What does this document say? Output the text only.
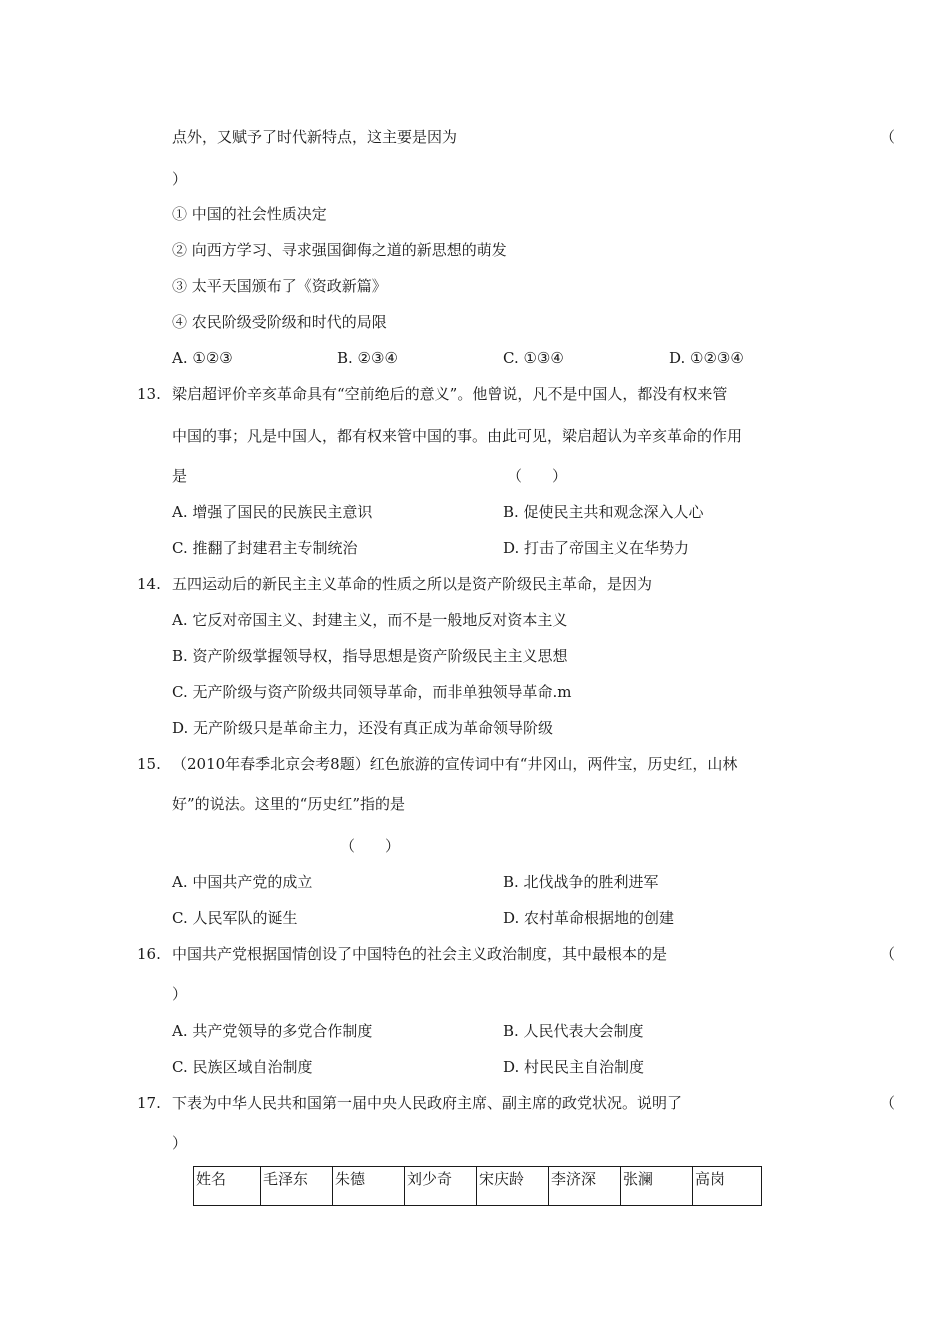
点外，又赋予了时代新特点，这主要是因为	（
）
① 中国的社会性质决定
② 向西方学习、寻求强国御侮之道的新思想的萌发
③ 太平天国颁布了《资政新篇》
④ 农民阶级受阶级和时代的局限
A. ①②③	B. ②③④	C. ①③④	D. ①②③④
13. 梁启超评价辛亥革命具有“空前绝后的意义”。他曾说，凡不是中国人，都没有权来管
中国的事；凡是中国人，都有权来管中国的事。由此可见，梁启超认为辛亥革命的作用
是	（　　）
A. 增强了国民的民族民主意识	B. 促使民主共和观念深入人心
C. 推翻了封建君主专制统治	D. 打击了帝国主义在华势力
14. 五四运动后的新民主主义革命的性质之所以是资产阶级民主革命，是因为
A. 它反对帝国主义、封建主义，而不是一般地反对资本主义
B. 资产阶级掌握领导权，指导思想是资产阶级民主主义思想
C. 无产阶级与资产阶级共同领导革命，而非单独领导革命.m
D. 无产阶级只是革命主力，还没有真正成为革命领导阶级
15. （2010年春季北京会考8题）红色旅游的宣传词中有“井冈山，两件宝，历史红，山林
好”的说法。这里的“历史红”指的是
（　　）
A. 中国共产党的成立	B. 北伐战争的胜利进军
C. 人民军队的诞生	D. 农村革命根据地的创建
16. 中国共产党根据国情创设了中国特色的社会主义政治制度，其中最根本的是	（
）
A. 共产党领导的多党合作制度	B. 人民代表大会制度
C. 民族区域自治制度	D. 村民民主自治制度
17. 下表为中华人民共和国第一届中央人民政府主席、副主席的政党状况。说明了	（
）
姓名	毛泽东	朱德	刘少奇	宋庆龄	李济深	张澜	高岗
